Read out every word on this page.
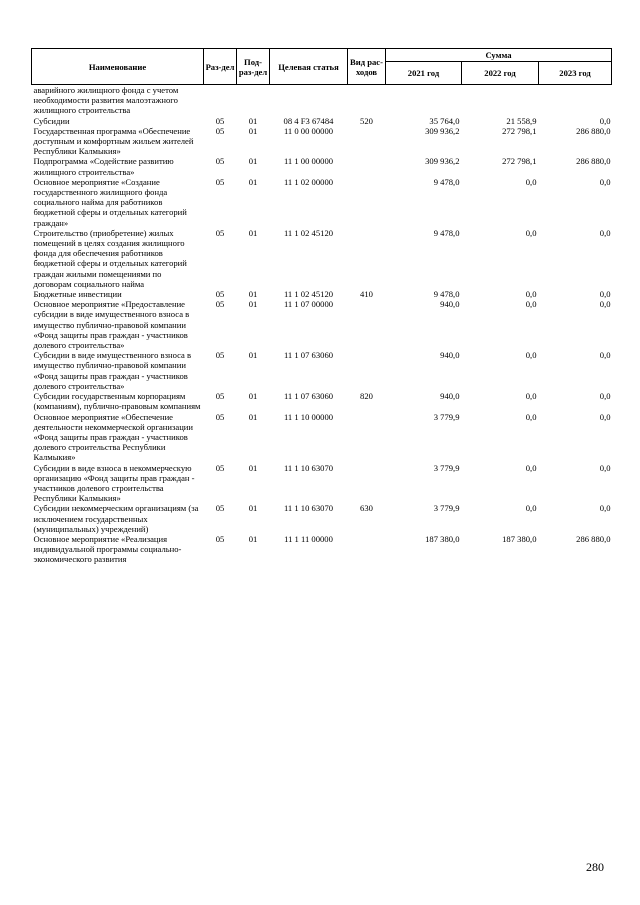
Наименование	Раз-дел	Под-раз-дел	Целевая статья	Вид рас-ходов	Сумма		
					2021 год	2022 год	2023 год
аварийного жилищного фонда с учетом необходимости развития малоэтажного жилищного строительства							
Субсидии	05	01	08 4 F3 67484	520	35 764,0	21 558,9	0,0
Государственная программа «Обеспечение доступным и комфортным жильем жителей Республики Калмыкия»	05	01	11 0 00 00000		309 936,2	272 798,1	286 880,0
Подпрограмма «Содействие развитию жилищного строительства»	05	01	11 1 00 00000		309 936,2	272 798,1	286 880,0
Основное мероприятие «Создание государственного жилищного фонда социального найма для работников бюджетной сферы и отдельных категорий граждан»	05	01	11 1 02 00000		9 478,0	0,0	0,0
Строительство (приобретение) жилых помещений в целях создания жилищного фонда для обеспечения работников бюджетной сферы и отдельных категорий граждан жилыми помещениями по договорам социального найма	05	01	11 1 02 45120		9 478,0	0,0	0,0
Бюджетные инвестиции	05	01	11 1 02 45120	410	9 478,0	0,0	0,0
Основное мероприятие «Предоставление субсидии в виде имущественного взноса в имущество публично-правовой компании «Фонд защиты прав граждан - участников долевого строительства»	05	01	11 1 07 00000		940,0	0,0	0,0
Субсидии в виде имущественного взноса в имущество публично-правовой компании «Фонд защиты прав граждан - участников долевого строительства»	05	01	11 1 07 63060		940,0	0,0	0,0
Субсидии государственным корпорациям (компаниям), публично-правовым компаниям	05	01	11 1 07 63060	820	940,0	0,0	0,0
Основное мероприятие «Обеспечение деятельности некоммерческой организации «Фонд защиты прав граждан - участников долевого строительства Республики Калмыкия»	05	01	11 1 10 00000		3 779,9	0,0	0,0
Субсидии в виде взноса в некоммерческую организацию «Фонд защиты прав граждан - участников долевого строительства Республики Калмыкия»	05	01	11 1 10 63070		3 779,9	0,0	0,0
Субсидии некоммерческим организациям (за исключением государственных (муниципальных) учреждений)	05	01	11 1 10 63070	630	3 779,9	0,0	0,0
Основное мероприятие «Реализация индивидуальной программы социально-экономического развития	05	01	11 1 11 00000		187 380,0	187 380,0	286 880,0
280
